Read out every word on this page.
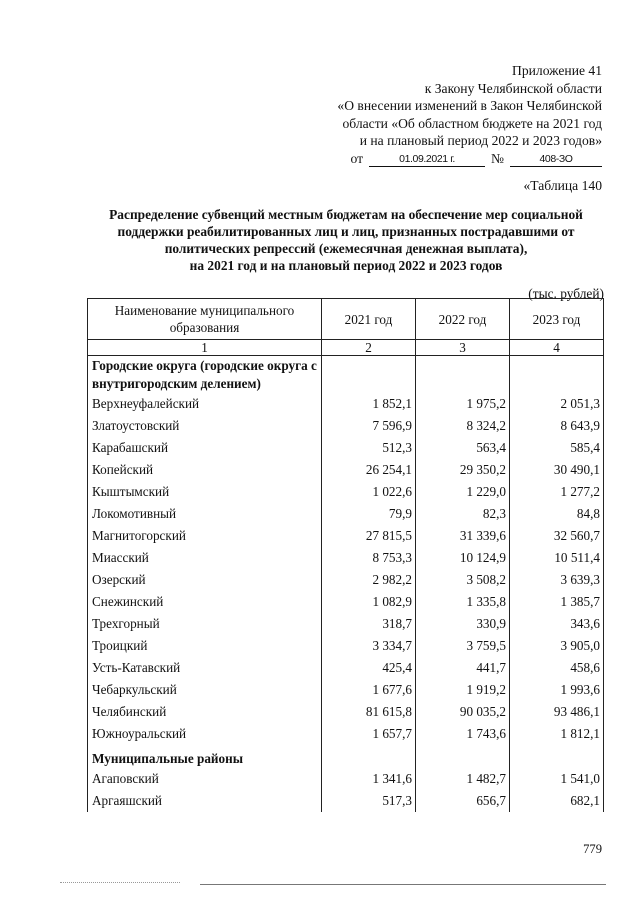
Приложение 41
к Закону Челябинской области
«О внесении изменений в Закон Челябинской
области «Об областном бюджете на 2021 год
и на плановый период 2022 и 2023 годов»
от	01.09.2021 г.	№	408-ЗО
«Таблица 140
Распределение субвенций местным бюджетам на обеспечение мер социальной
поддержки реабилитированных лиц и лиц, признанных пострадавшими от
политических репрессий (ежемесячная денежная выплата),
на 2021 год и на плановый период 2022 и 2023 годов
(тыс. рублей)
Наименование муниципального образования	2021 год	2022 год	2023 год
1	2	3	4
Городские округа (городские округа с внутригородским делением)			
Верхнеуфалейский	1 852,1	1 975,2	2 051,3
Златоустовский	7 596,9	8 324,2	8 643,9
Карабашский	512,3	563,4	585,4
Копейский	26 254,1	29 350,2	30 490,1
Кыштымский	1 022,6	1 229,0	1 277,2
Локомотивный	79,9	82,3	84,8
Магнитогорский	27 815,5	31 339,6	32 560,7
Миасский	8 753,3	10 124,9	10 511,4
Озерский	2 982,2	3 508,2	3 639,3
Снежинский	1 082,9	1 335,8	1 385,7
Трехгорный	318,7	330,9	343,6
Троицкий	3 334,7	3 759,5	3 905,0
Усть-Катавский	425,4	441,7	458,6
Чебаркульский	1 677,6	1 919,2	1 993,6
Челябинский	81 615,8	90 035,2	93 486,1
Южноуральский	1 657,7	1 743,6	1 812,1
Муниципальные районы			
Агаповский	1 341,6	1 482,7	1 541,0
Аргаяшский	517,3	656,7	682,1
779
